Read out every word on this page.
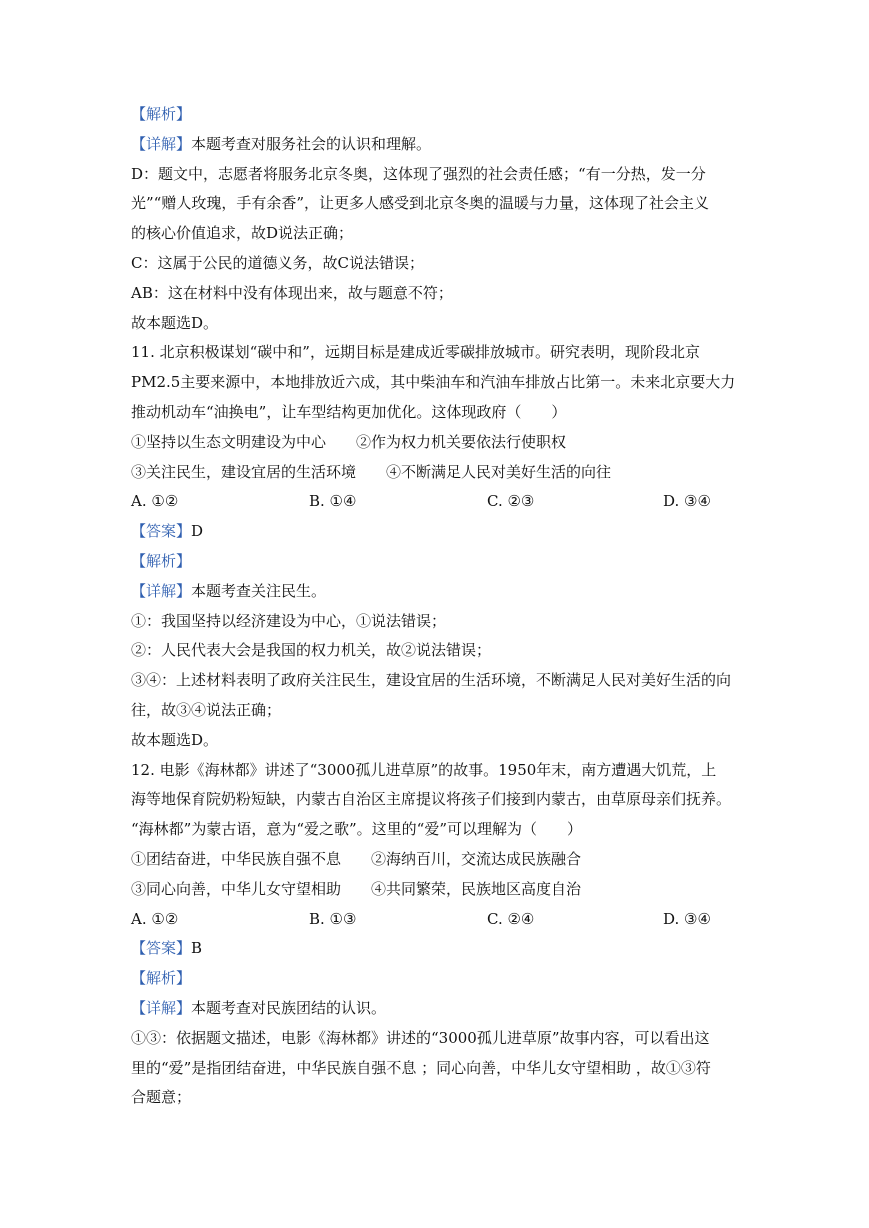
【解析】
【详解】本题考查对服务社会的认识和理解。
D：题文中，志愿者将服务北京冬奥，这体现了强烈的社会责任感；“有一分热，发一分
光”“赠人玫瑰，手有余香”，让更多人感受到北京冬奥的温暖与力量，这体现了社会主义
的核心价值追求，故D说法正确；
C：这属于公民的道德义务，故C说法错误；
AB：这在材料中没有体现出来，故与题意不符；
故本题选D。
11. 北京积极谋划“碳中和”，远期目标是建成近零碳排放城市。研究表明，现阶段北京
PM2.5主要来源中，本地排放近六成，其中柴油车和汽油车排放占比第一。未来北京要大力
推动机动车“油换电”，让车型结构更加优化。这体现政府（　　）
①坚持以生态文明建设为中心　　②作为权力机关要依法行使职权
③关注民生，建设宜居的生活环境　　④不断满足人民对美好生活的向往
A. ①②	B. ①④	C. ②③	D. ③④
【答案】D
【解析】
【详解】本题考查关注民生。
①：我国坚持以经济建设为中心，①说法错误；
②：人民代表大会是我国的权力机关，故②说法错误；
③④：上述材料表明了政府关注民生，建设宜居的生活环境，不断满足人民对美好生活的向
往，故③④说法正确；
故本题选D。
12. 电影《海林都》讲述了“3000孤儿进草原”的故事。1950年末，南方遭遇大饥荒，上
海等地保育院奶粉短缺，内蒙古自治区主席提议将孩子们接到内蒙古，由草原母亲们抚养。
“海林都”为蒙古语，意为“爱之歌”。这里的“爱”可以理解为（　　）
①团结奋进，中华民族自强不息　　②海纳百川，交流达成民族融合
③同心向善，中华儿女守望相助　　④共同繁荣，民族地区高度自治
A. ①②	B. ①③	C. ②④	D. ③④
【答案】B
【解析】
【详解】本题考查对民族团结的认识。
①③：依据题文描述，电影《海林都》讲述的“3000孤儿进草原”故事内容，可以看出这
里的“爱”是指团结奋进，中华民族自强不息 ；同心向善，中华儿女守望相助 ，故①③符
合题意；
